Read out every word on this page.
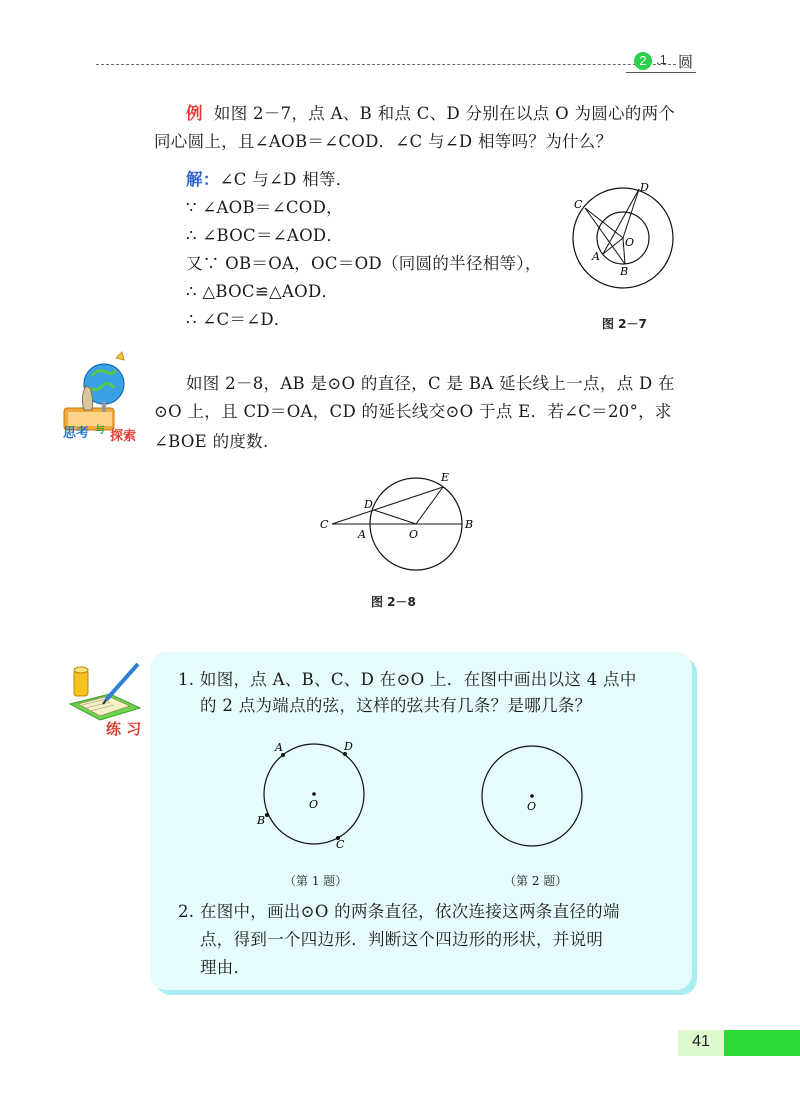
2 .1 圆
例 如图 2－7，点 A、B 和点 C、D 分别在以点 O 为圆心的两个
同心圆上，且∠AOB＝∠COD．∠C 与∠D 相等吗？为什么？
解：∠C 与∠D 相等．
∵ ∠AOB＝∠COD，
∴ ∠BOC＝∠AOD．
又∵ OB＝OA，OC＝OD（同圆的半径相等），
∴ △BOC≌△AOD．
∴ ∠C＝∠D．
D
C
O
A
B
图 2－7
思考 与 探索
如图 2－8，AB 是⊙O 的直径，C 是 BA 延长线上一点，点 D 在
⊙O 上，且 CD＝OA，CD 的延长线交⊙O 于点 E．若∠C＝20°，求
∠BOE 的度数.
C
D
E
A	O
B
图 2－8
练 习
1. 如图，点 A、B、C、D 在⊙O 上．在图中画出以这 4 点中
的 2 点为端点的弦，这样的弦共有几条？是哪几条？
A	D
O
B
C
（第 1 题）
O
（第 2 题）
2. 在图中，画出⊙O 的两条直径，依次连接这两条直径的端
点，得到一个四边形．判断这个四边形的形状，并说明
理由．
41
